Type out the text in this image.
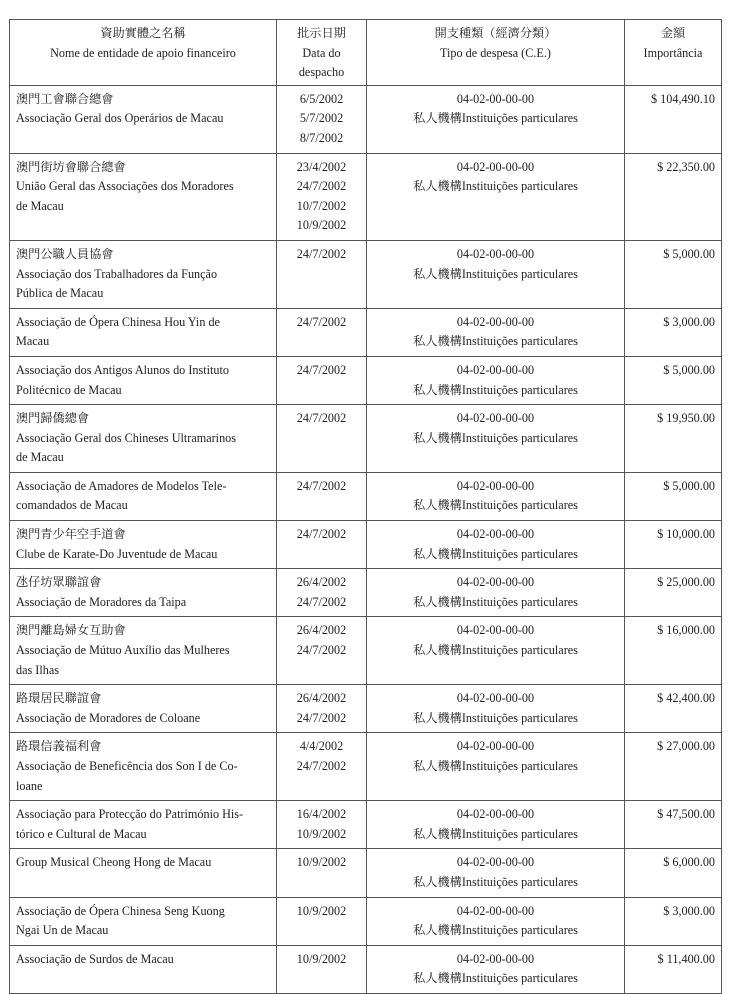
資助實體之名稱
Nome de entidade de apoio financeiro	批示日期
Data do
despacho	開支種類（經濟分類）
Tipo de despesa (C.E.)	金額
Importância

澳門工會聯合總會
Associação Geral dos Operários de Macau	6/5/2002
5/7/2002
8/7/2002	04-02-00-00-00
私人機構Instituições particulares	$ 104,490.10

澳門街坊會聯合總會
União Geral das Associações dos Moradores
de Macau	23/4/2002
24/7/2002
10/7/2002
10/9/2002	04-02-00-00-00
私人機構Instituições particulares	$ 22,350.00

澳門公職人員協會
Associação dos Trabalhadores da Função
Pública de Macau	24/7/2002	04-02-00-00-00
私人機構Instituições particulares	$ 5,000.00

Associação de Ópera Chinesa Hou Yin de
Macau	24/7/2002	04-02-00-00-00
私人機構Instituições particulares	$ 3,000.00

Associação dos Antigos Alunos do Instituto
Politécnico de Macau	24/7/2002	04-02-00-00-00
私人機構Instituições particulares	$ 5,000.00

澳門歸僑總會
Associação Geral dos Chineses Ultramarinos
de Macau	24/7/2002	04-02-00-00-00
私人機構Instituições particulares	$ 19,950.00

Associação de Amadores de Modelos Tele-
comandados de Macau	24/7/2002	04-02-00-00-00
私人機構Instituições particulares	$ 5,000.00

澳門青少年空手道會
Clube de Karate-Do Juventude de Macau	24/7/2002	04-02-00-00-00
私人機構Instituições particulares	$ 10,000.00

氹仔坊眾聯誼會
Associação de Moradores da Taipa	26/4/2002
24/7/2002	04-02-00-00-00
私人機構Instituições particulares	$ 25,000.00

澳門離島婦女互助會
Associação de Mútuo Auxílio das Mulheres
das Ilhas	26/4/2002
24/7/2002	04-02-00-00-00
私人機構Instituições particulares	$ 16,000.00

路環居民聯誼會
Associação de Moradores de Coloane	26/4/2002
24/7/2002	04-02-00-00-00
私人機構Instituições particulares	$ 42,400.00

路環信義福利會
Associação de Beneficência dos Son I de Co-
loane	4/4/2002
24/7/2002	04-02-00-00-00
私人機構Instituições particulares	$ 27,000.00

Associação para Protecção do Património His-
tórico e Cultural de Macau	16/4/2002
10/9/2002	04-02-00-00-00
私人機構Instituições particulares	$ 47,500.00

Group Musical Cheong Hong de Macau	10/9/2002	04-02-00-00-00
私人機構Instituições particulares	$ 6,000.00

Associação de Ópera Chinesa Seng Kuong
Ngai Un de Macau	10/9/2002	04-02-00-00-00
私人機構Instituições particulares	$ 3,000.00

Associação de Surdos de Macau	10/9/2002	04-02-00-00-00
私人機構Instituições particulares	$ 11,400.00
